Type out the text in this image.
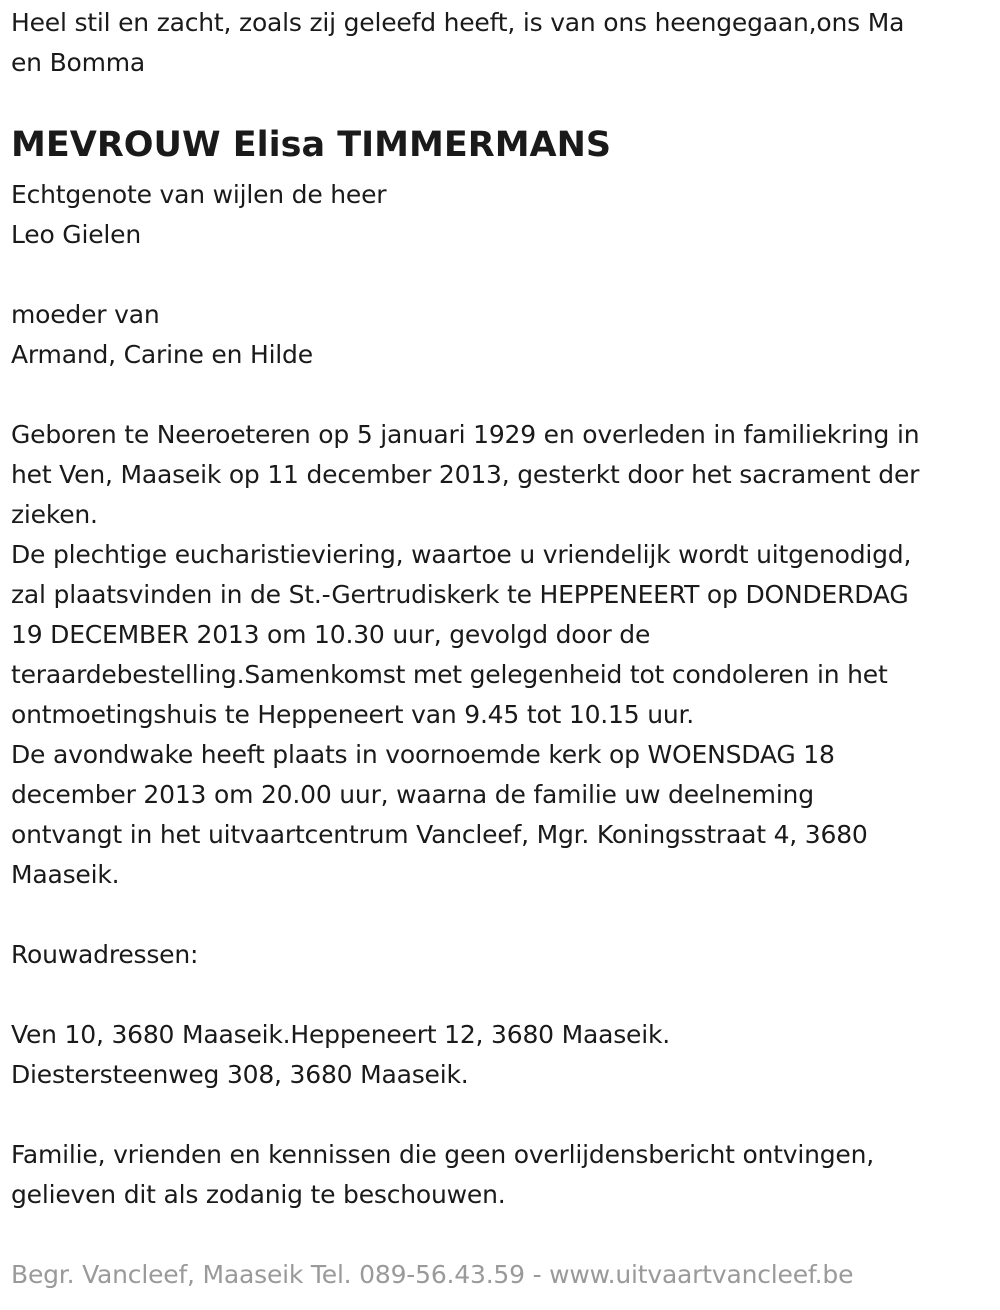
Heel stil en zacht, zoals zij geleefd heeft, is van ons heengegaan,ons Ma
en Bomma
MEVROUW Elisa TIMMERMANS
Echtgenote van wijlen de heer
Leo Gielen
moeder van
Armand, Carine en Hilde
Geboren te Neeroeteren op 5 januari 1929 en overleden in familiekring in
het Ven, Maaseik op 11 december 2013, gesterkt door het sacrament der
zieken.
De plechtige eucharistieviering, waartoe u vriendelijk wordt uitgenodigd,
zal plaatsvinden in de St.-Gertrudiskerk te HEPPENEERT op DONDERDAG
19 DECEMBER 2013 om 10.30 uur, gevolgd door de
teraardebestelling.Samenkomst met gelegenheid tot condoleren in het
ontmoetingshuis te Heppeneert van 9.45 tot 10.15 uur.
De avondwake heeft plaats in voornoemde kerk op WOENSDAG 18
december 2013 om 20.00 uur, waarna de familie uw deelneming
ontvangt in het uitvaartcentrum Vancleef, Mgr. Koningsstraat 4, 3680
Maaseik.
Rouwadressen:
Ven 10, 3680 Maaseik.Heppeneert 12, 3680 Maaseik.
Diestersteenweg 308, 3680 Maaseik.
Familie, vrienden en kennissen die geen overlijdensbericht ontvingen,
gelieven dit als zodanig te beschouwen.
Begr. Vancleef, Maaseik Tel. 089-56.43.59 - www.uitvaartvancleef.be
